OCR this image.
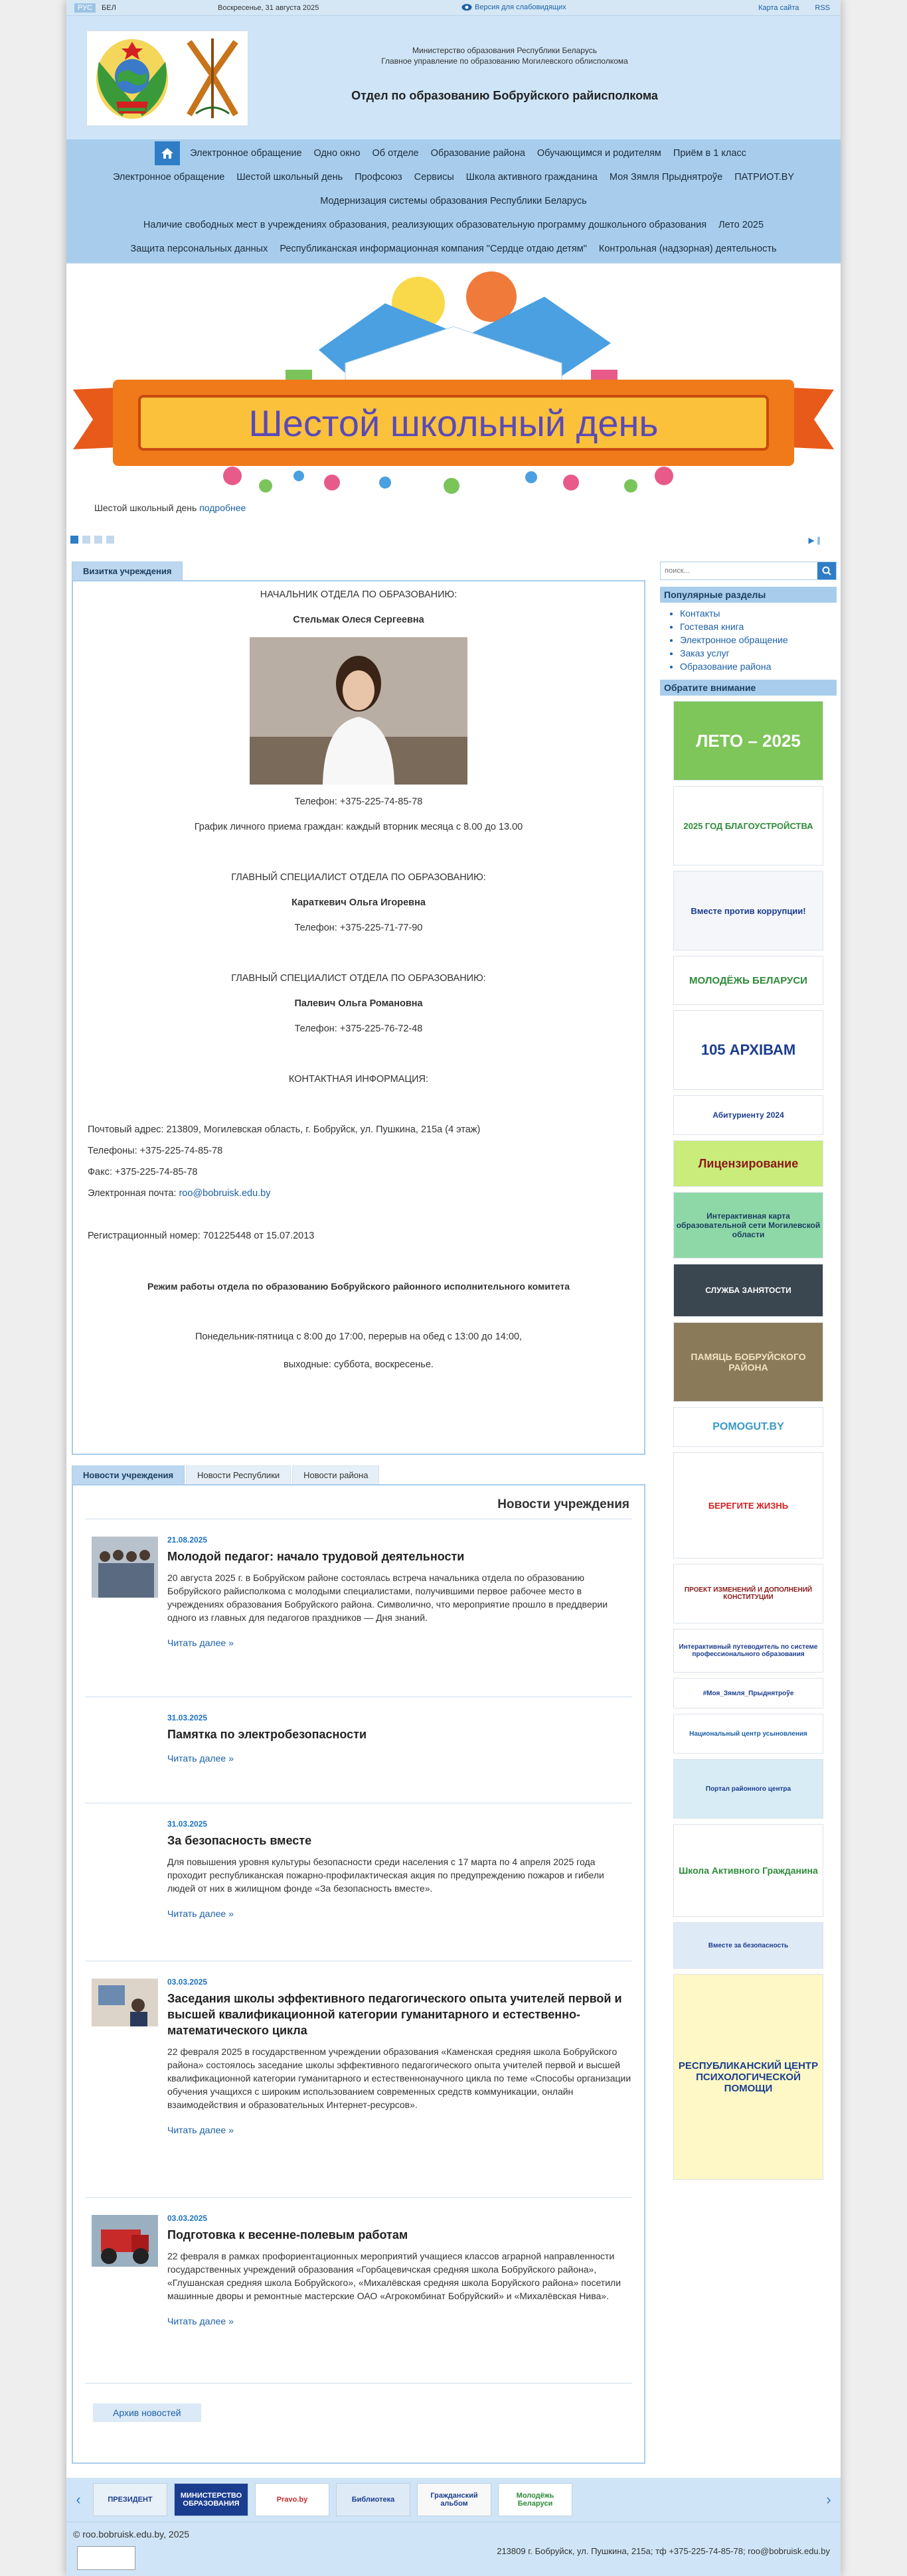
РУС	БЕЛ	Воскресенье, 31 августа 2025	Версия для слабовидящих	Карта сайта RSS
Министерство образования Республики Беларусь
Главное управление по образованию Могилевского облисполкома
Отдел по образованию Бобруйского райисполкома
Электронное обращение	Одно окно	Об отделе	Образование района	Обучающимся и родителям	Приём в 1 класс
Электронное обращение	Шестой школьный день	Профсоюз	Сервисы	Школа активного гражданина	Моя Зямля Прыднятроўе	ПАТРИОТ.BY
Модернизация системы образования Республики Беларусь
Наличие свободных мест в учреждениях образования, реализующих образовательную программу дошкольного образования	Лето 2025
Защита персональных данных	Республиканская информационная компания "Сердце отдаю детям"	Контрольная (надзорная) деятельность
Шестой школьный день
Шестой школьный день подробнее
▶ ∥
Визитка учреждения
НАЧАЛЬНИК ОТДЕЛА ПО ОБРАЗОВАНИЮ:
Стельмак Олеся Сергеевна
Телефон: +375-225-74-85-78
График личного приема граждан: каждый вторник месяца с 8.00 до 13.00
ГЛАВНЫЙ СПЕЦИАЛИСТ ОТДЕЛА ПО ОБРАЗОВАНИЮ:
Караткевич Ольга Игоревна
Телефон: +375-225-71-77-90
ГЛАВНЫЙ СПЕЦИАЛИСТ ОТДЕЛА ПО ОБРАЗОВАНИЮ:
Палевич Ольга Романовна
Телефон: +375-225-76-72-48
КОНТАКТНАЯ ИНФОРМАЦИЯ:
Почтовый адрес: 213809, Могилевская область, г. Бобруйск, ул. Пушкина, 215а (4 этаж)
Телефоны: +375-225-74-85-78
Факс: +375-225-74-85-78
Электронная почта: roo@bobruisk.edu.by
Регистрационный номер: 701225448 от 15.07.2013
Режим работы отдела по образованию Бобруйского районного исполнительного комитета
Понедельник-пятница с 8:00 до 17:00, перерыв на обед с 13:00 до 14:00,
выходные: суббота, воскресенье.
Новости учреждения	Новости Республики	Новости района
Новости учреждения
21.08.2025
Молодой педагог: начало трудовой деятельности
20 августа 2025 г. в Бобруйском районе состоялась встреча начальника отдела по образованию Бобруйского райисполкома с молодыми специалистами, получившими первое рабочее место в учреждениях образования Бобруйского района. Символично, что мероприятие прошло в преддверии одного из главных для педагогов праздников — Дня знаний.
Читать далее »
31.03.2025
Памятка по электробезопасности
Читать далее »
31.03.2025
За безопасность вместе
Для повышения уровня культуры безопасности среди населения с 17 марта по 4 апреля 2025 года проходит республиканская пожарно-профилактическая акция по предупреждению пожаров и гибели людей от них в жилищном фонде «За безопасность вместе».
Читать далее »
03.03.2025
Заседания школы эффективного педагогического опыта учителей первой и высшей квалификационной категории гуманитарного и естественно-математического цикла
22 февраля 2025 в государственном учреждении образования «Каменская средняя школа Бобруйского района» состоялось заседание школы эффективного педагогического опыта учителей первой и высшей квалификационной категории гуманитарного и естественнонаучного цикла по теме «Способы организации обучения учащихся с широким использованием современных средств коммуникации, онлайн взаимодействия и образовательных Интернет-ресурсов».
Читать далее »
03.03.2025
Подготовка к весенне-полевым работам
22 февраля в рамках профориентационных мероприятий учащиеся классов аграрной направленности государственных учреждений образования «Горбацевичская средняя школа Бобруйского района», «Глушанская средняя школа Бобруйского», «Михалёвская средняя школа Боруйского района» посетили машинные дворы и ремонтные мастерские ОАО «Агрокомбинат Бобруйский» и «Михалёвская Нива».
Читать далее »
Архив новостей
поиск...
Популярные разделы
• Контакты
• Гостевая книга
• Электронное обращение
• Заказ услуг
• Образование района
Обратите внимание
ЛЕТО – 2025
2025 ГОД БЛАГОУСТРОЙСТВА
Вместе против коррупции!
МОЛОДЁЖЬ БЕЛАРУСИ
105 АРХІВАМ
Абитуриенту 2024
Лицензирование
Интерактивная карта образовательной сети Могилевской области
СЛУЖБА ЗАНЯТОСТИ
ПАМЯЦЬ БОБРУЙСКОГО РАЙОНА
POMOGUT.BY
БЕРЕГИТЕ ЖИЗНЬ
ПРОЕКТ ИЗМЕНЕНИЙ И ДОПОЛНЕНИЙ КОНСТИТУЦИИ
Интерактивный путеводитель по системе профессионального образования
#Моя_Зямля_Прыднятроўе
Национальный центр усыновления
Портал районного центра
Школа Активного Гражданина
Вместе за безопасность
РЕСПУБЛИКАНСКИЙ ЦЕНТР ПСИХОЛОГИЧЕСКОЙ ПОМОЩИ
‹	ПРЕЗИДЕНТ	МИНИСТЕРСТВО ОБРАЗОВАНИЯ	Pravo.by	Библиотека	Гражданский альбом
Молодёжь Беларуси	›
© roo.bobruisk.edu.by, 2025
213809 г. Бобруйск, ул. Пушкина, 215а; тф +375-225-74-85-78; roo@bobruisk.edu.by
